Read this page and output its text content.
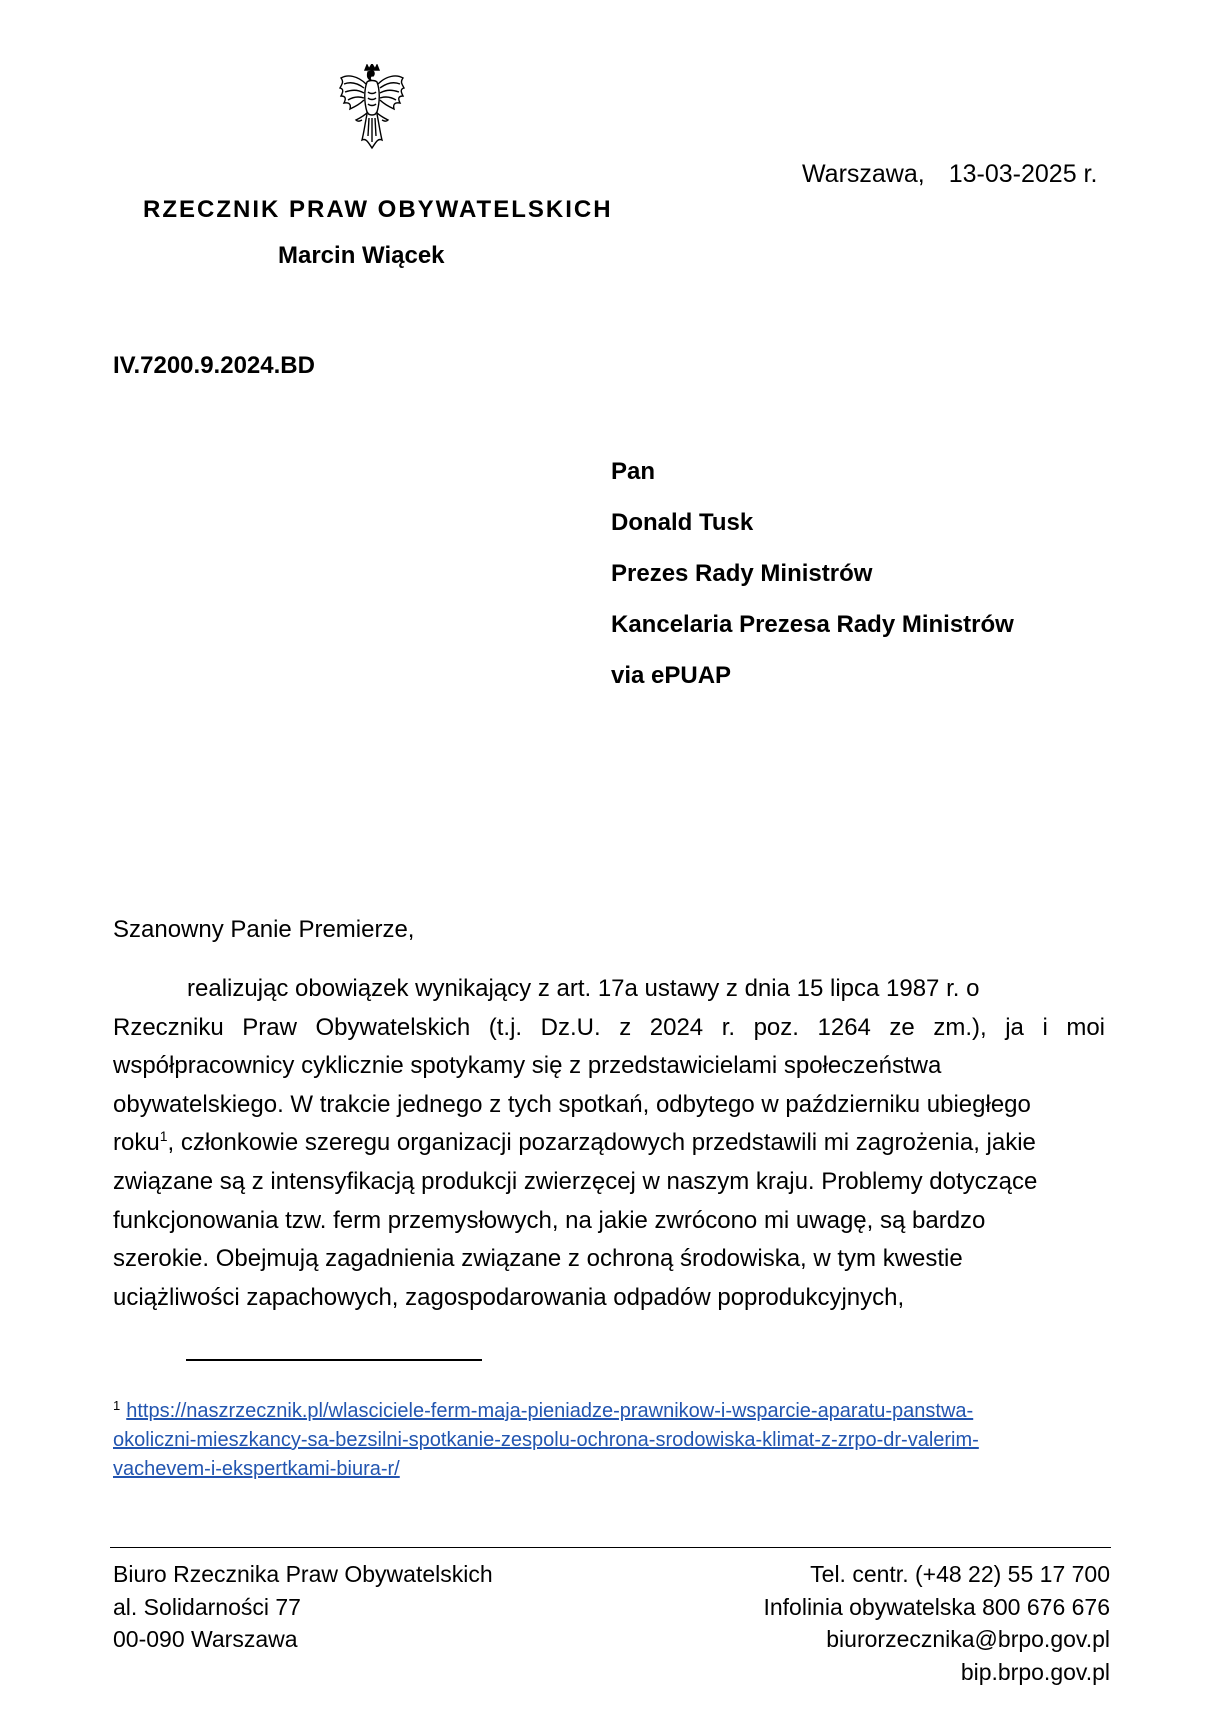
Warszawa, 13-03-2025 r.
RZECZNIK PRAW OBYWATELSKICH
Marcin Wiącek
IV.7200.9.2024.BD
Pan
Donald Tusk
Prezes Rady Ministrów
Kancelaria Prezesa Rady Ministrów
via ePUAP
Szanowny Panie Premierze,
realizując obowiązek wynikający z art. 17a ustawy z dnia 15 lipca 1987 r. o
Rzeczniku Praw Obywatelskich (t.j. Dz.U. z 2024 r. poz. 1264 ze zm.), ja i moi
współpracownicy cyklicznie spotykamy się z przedstawicielami społeczeństwa
obywatelskiego. W trakcie jednego z tych spotkań, odbytego w październiku ubiegłego
roku$^1$, członkowie szeregu organizacji pozarządowych przedstawili mi zagrożenia, jakie
związane są z intensyfikacją produkcji zwierzęcej w naszym kraju. Problemy dotyczące
funkcjonowania tzw. ferm przemysłowych, na jakie zwrócono mi uwagę, są bardzo
szerokie. Obejmują zagadnienia związane z ochroną środowiska, w tym kwestie
uciążliwości zapachowych, zagospodarowania odpadów poprodukcyjnych,
$^1$ https://naszrzecznik.pl/wlasciciele-ferm-maja-pieniadze-prawnikow-i-wsparcie-aparatu-panstwa-
okoliczni-mieszkancy-sa-bezsilni-spotkanie-zespolu-ochrona-srodowiska-klimat-z-zrpo-dr-valerim-
vachevem-i-ekspertkami-biura-r/
Biuro Rzecznika Praw Obywatelskich
al. Solidarności 77
00-090 Warszawa
Tel. centr. (+48 22) 55 17 700
Infolinia obywatelska 800 676 676
biurorzecznika@brpo.gov.pl
bip.brpo.gov.pl
